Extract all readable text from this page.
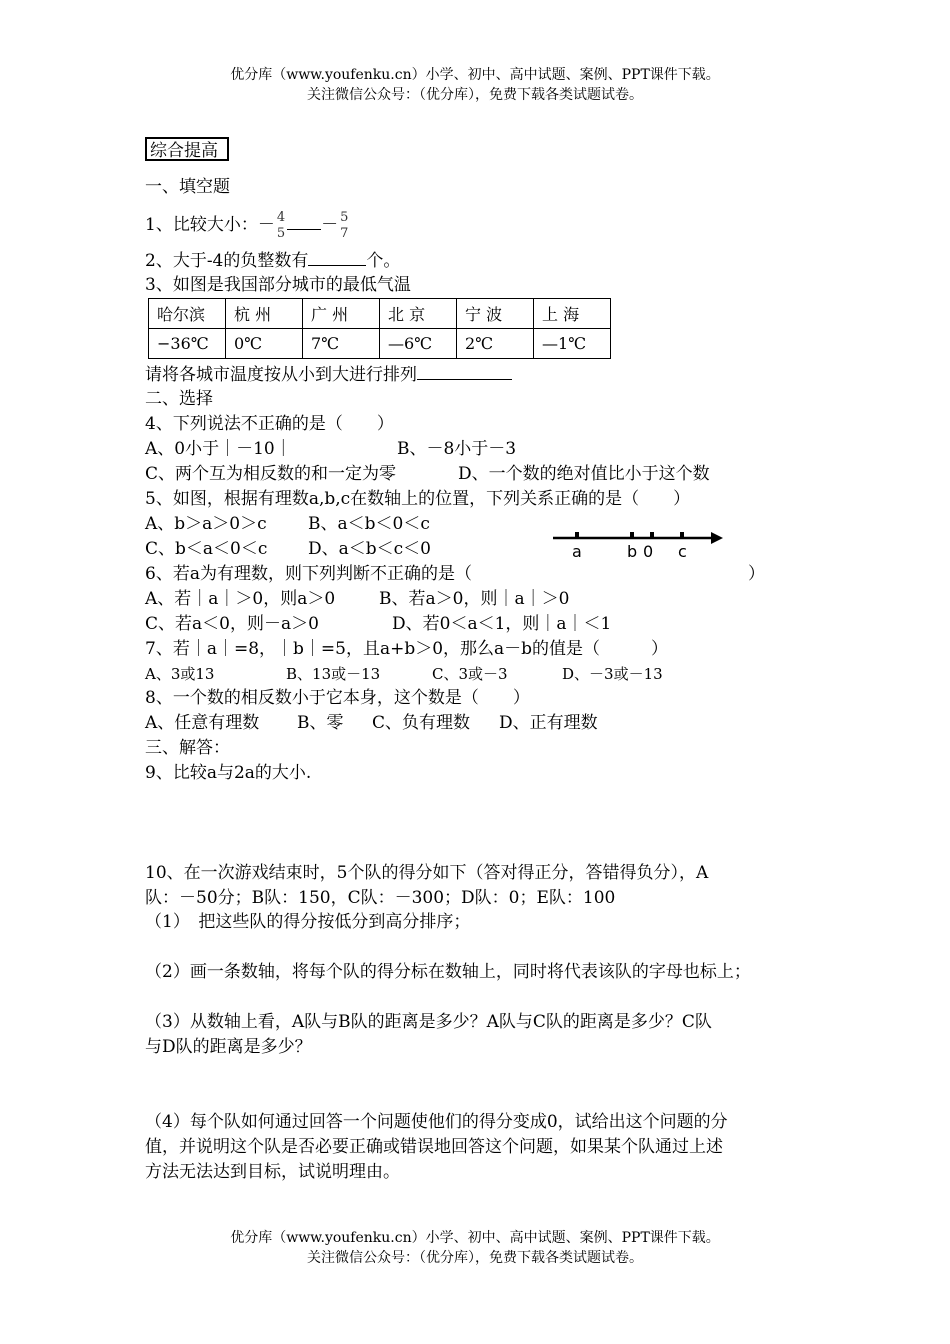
优分库（www.youfenku.cn）小学、初中、高中试题、案例、PPT课件下载。
关注微信公众号：（优分库），免费下载各类试题试卷。
综合提高
一、填空题
1、比较大小：－ 4
5 － 5
7
2、大于-4的负整数有	个。
3、如图是我国部分城市的最低气温
哈尔滨	杭 州	广 州	北 京	宁 波	上 海
−36℃	0℃	7℃	—6℃	2℃	—1℃
请将各城市温度按从小到大进行排列
二、选择
4、下列说法不正确的是（　　）
A、0小于｜－10｜	B、－8小于－3
C、两个互为相反数的和一定为零	D、一个数的绝对值比小于这个数
5、如图，根据有理数a,b,c在数轴上的位置，下列关系正确的是（　　）
A、b＞a＞0＞c B、a＜b＜0＜c
C、b＜a＜0＜c D、a＜b＜c＜0	a	b 0 c
6、若a为有理数，则下列判断不正确的是（	）
A、若｜a｜＞0，则a＞0	B、若a＞0，则｜a｜＞0
C、若a＜0，则－a＞0	D、若0＜a＜1，则｜a｜＜1
7、若｜a｜=8，｜b｜=5，且a+b＞0，那么a－b的值是（　　　）
A、3或13	B、13或－13	C、3或－3	D、－3或－13
8、一个数的相反数小于它本身，这个数是（　　）
A、任意有理数 B、零 C、负有理数 D、正有理数
三、解答：
9、比较a与2a的大小.
10、在一次游戏结束时，5个队的得分如下（答对得正分，答错得负分），A
队：－50分；B队：150，C队：－300；D队：0；E队：100
（1）　把这些队的得分按低分到高分排序；
（2）画一条数轴，将每个队的得分标在数轴上，同时将代表该队的字母也标上；
（3）从数轴上看，A队与B队的距离是多少？A队与C队的距离是多少？C队
与D队的距离是多少？
（4）每个队如何通过回答一个问题使他们的得分变成0，试给出这个问题的分
值，并说明这个队是否必要正确或错误地回答这个问题，如果某个队通过上述
方法无法达到目标，试说明理由。
优分库（www.youfenku.cn）小学、初中、高中试题、案例、PPT课件下载。
关注微信公众号：（优分库），免费下载各类试题试卷。
